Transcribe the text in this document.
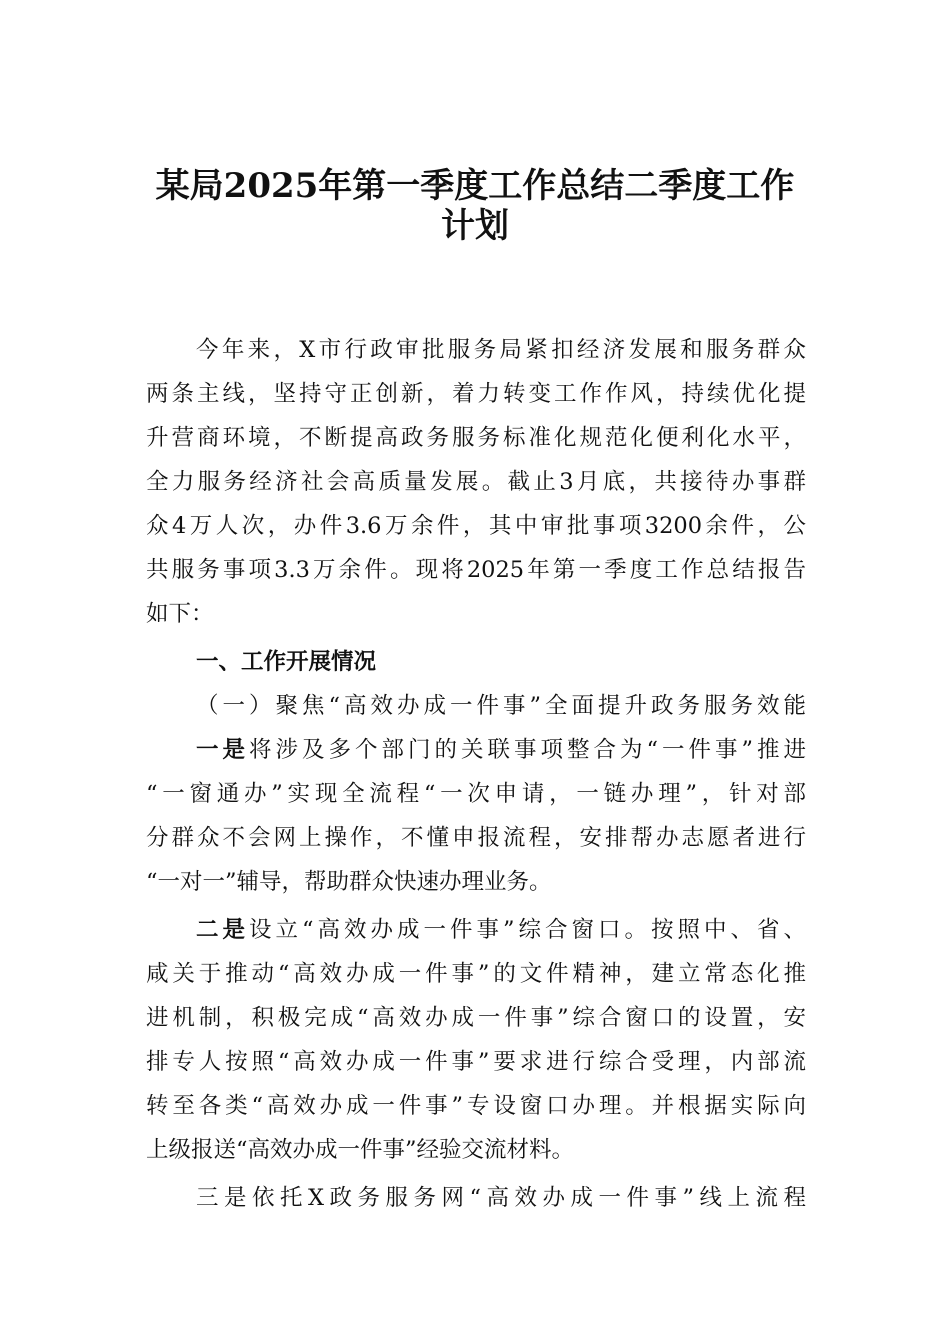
某局2025年第一季度工作总结二季度工作
计划
今年来，X市行政审批服务局紧扣经济发展和服务群众
两条主线，坚持守正创新，着力转变工作作风，持续优化提
升营商环境，不断提高政务服务标准化规范化便利化水平，
全力服务经济社会高质量发展。截止3月底，共接待办事群
众4万人次，办件3.6万余件，其中审批事项3200余件，公
共服务事项3.3万余件。现将2025年第一季度工作总结报告
如下：
一、工作开展情况
（一）聚焦“高效办成一件事”全面提升政务服务效能
一是将涉及多个部门的关联事项整合为“一件事”推进
“一窗通办”实现全流程“一次申请，一链办理”，针对部
分群众不会网上操作，不懂申报流程，安排帮办志愿者进行
“一对一”辅导，帮助群众快速办理业务。
二是设立“高效办成一件事”综合窗口。按照中、省、
咸关于推动“高效办成一件事”的文件精神，建立常态化推
进机制，积极完成“高效办成一件事”综合窗口的设置，安
排专人按照“高效办成一件事”要求进行综合受理，内部流
转至各类“高效办成一件事”专设窗口办理。并根据实际向
上级报送“高效办成一件事”经验交流材料。
三是依托X政务服务网“高效办成一件事”线上流程
